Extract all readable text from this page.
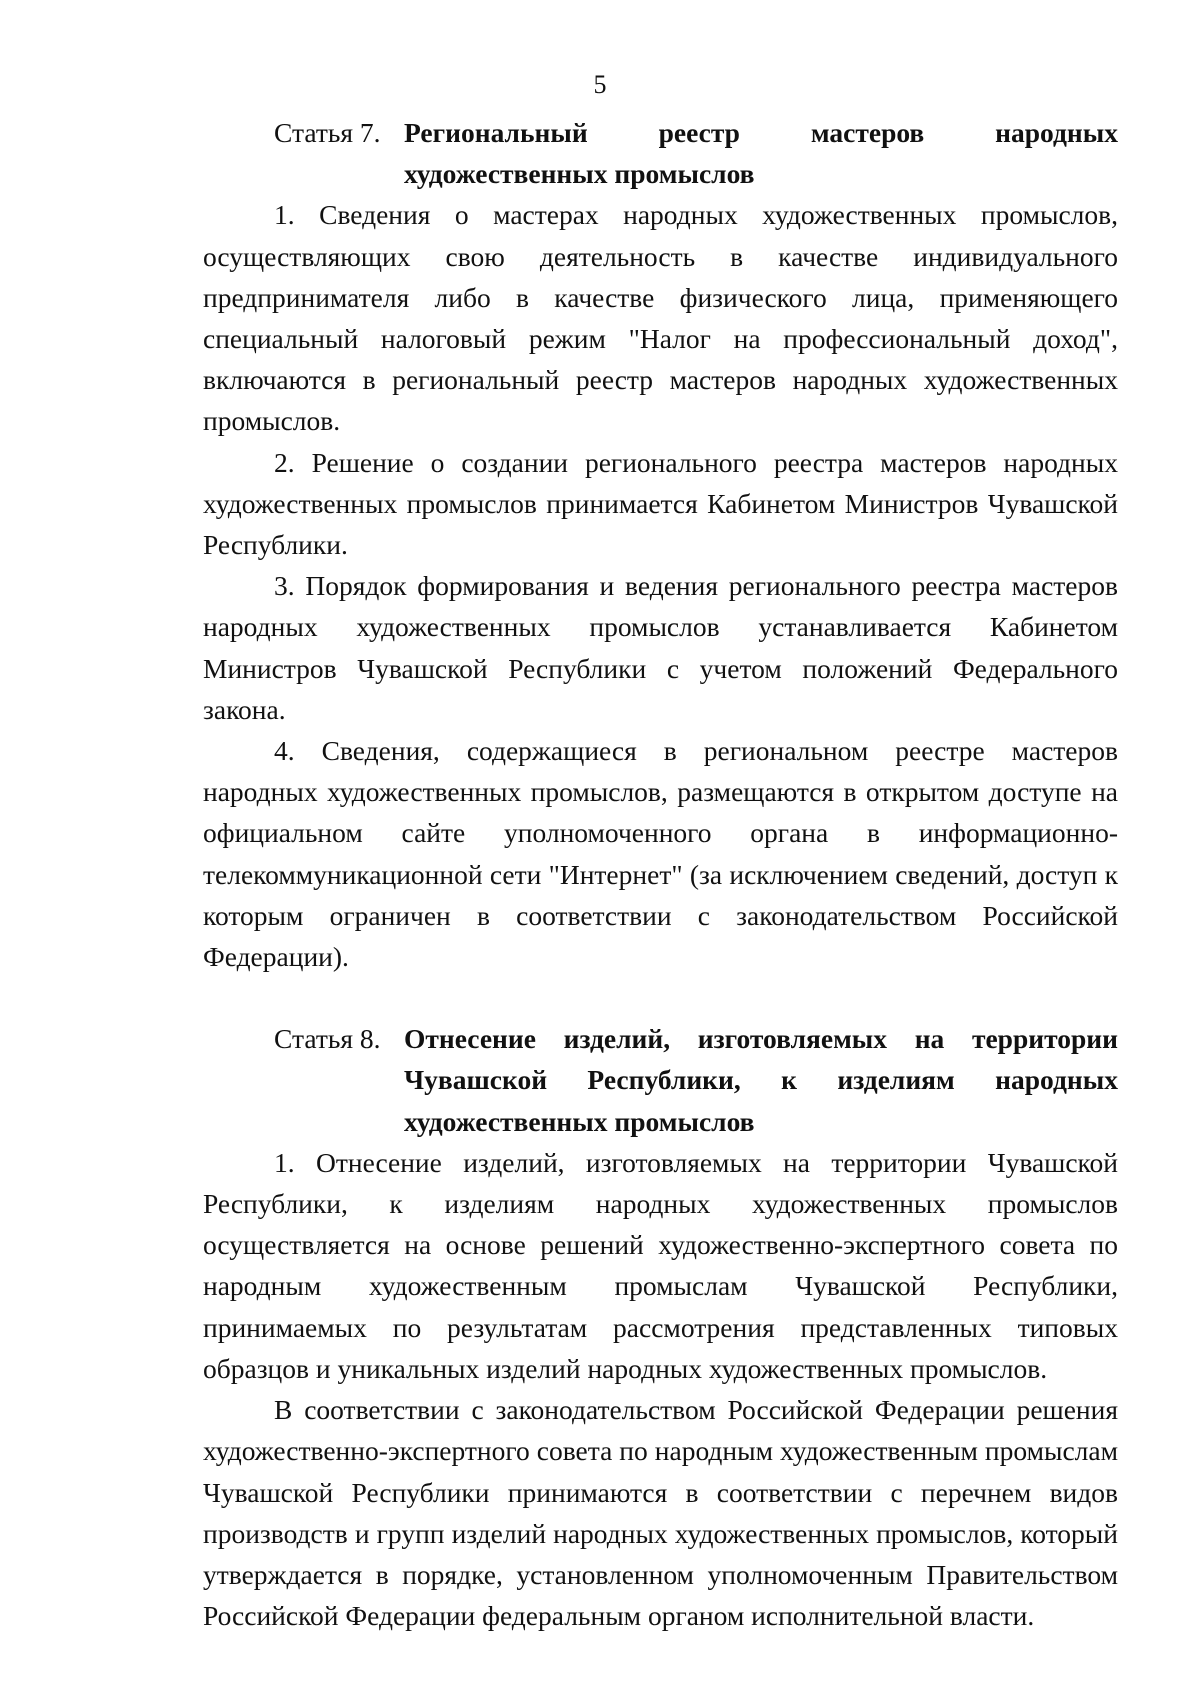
5
Статья 7. Региональный реестр мастеров народных художественных промыслов

1. Сведения о мастерах народных художественных промыслов, осуществляющих свою деятельность в качестве индивидуального предпринимателя либо в качестве физического лица, применяющего специальный налоговый режим "Налог на профессиональный доход", включаются в региональный реестр мастеров народных художественных промыслов.

2. Решение о создании регионального реестра мастеров народных художественных промыслов принимается Кабинетом Министров Чувашской Республики.

3. Порядок формирования и ведения регионального реестра мастеров народных художественных промыслов устанавливается Кабинетом Министров Чувашской Республики с учетом положений Федерального закона.

4. Сведения, содержащиеся в региональном реестре мастеров народных художественных промыслов, размещаются в открытом доступе на официальном сайте уполномоченного органа в информационно-телекоммуникационной сети "Интернет" (за исключением сведений, доступ к которым ограничен в соответствии с законодательством Российской Федерации).

Статья 8. Отнесение изделий, изготовляемых на территории Чувашской Республики, к изделиям народных художественных промыслов

1. Отнесение изделий, изготовляемых на территории Чувашской Республики, к изделиям народных художественных промыслов осуществляется на основе решений художественно-экспертного совета по народным художественным промыслам Чувашской Республики, принимаемых по результатам рассмотрения представленных типовых образцов и уникальных изделий народных художественных промыслов.

В соответствии с законодательством Российской Федерации решения художественно-экспертного совета по народным художественным промыслам Чувашской Республики принимаются в соответствии с перечнем видов производств и групп изделий народных художественных промыслов, который утверждается в порядке, установленном уполномоченным Правительством Российской Федерации федеральным органом исполнительной власти.
